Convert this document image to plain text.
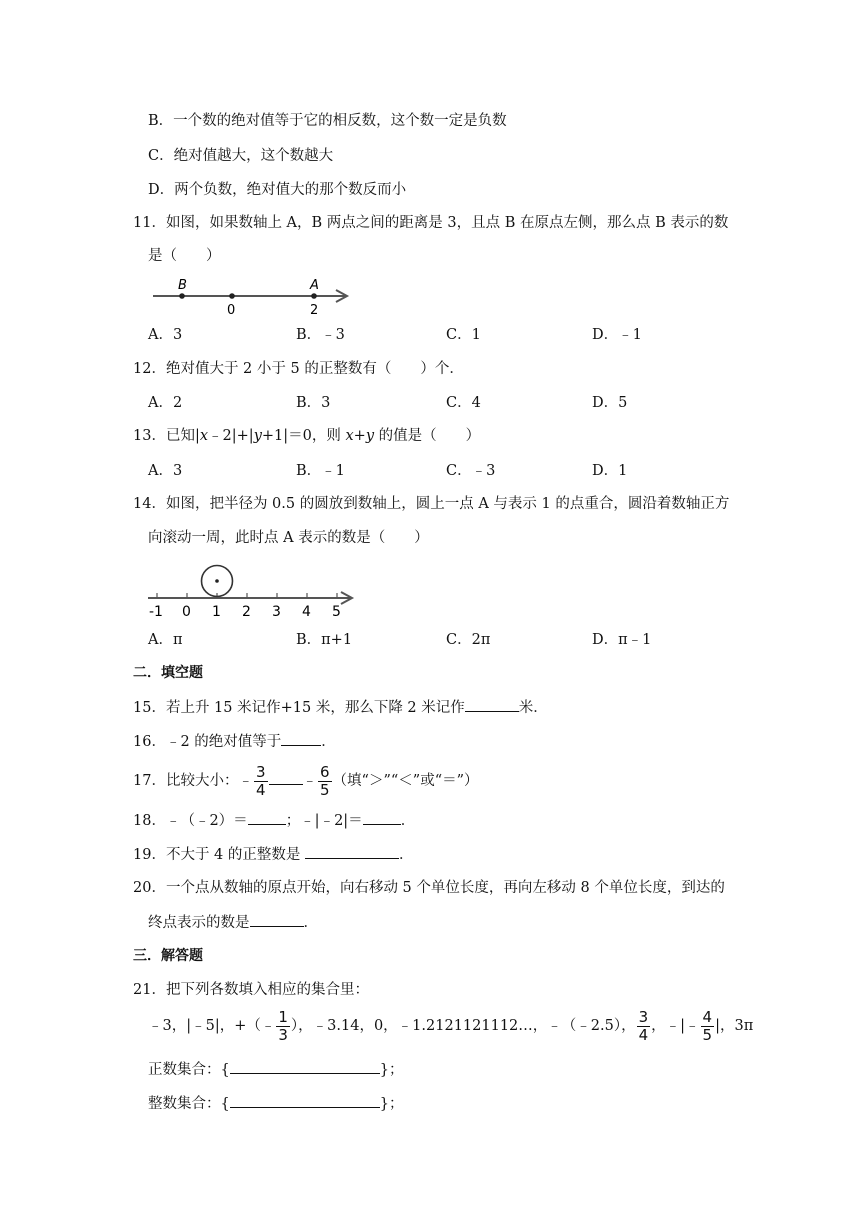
B．一个数的绝对值等于它的相反数，这个数一定是负数
C．绝对值越大，这个数越大
D．两个负数，绝对值大的那个数反而小
11．如图，如果数轴上 A，B 两点之间的距离是 3，且点 B 在原点左侧，那么点 B 表示的数
是（　　）
B	A
0	2
A．3	B．﹣3	C．1	D．﹣1
12．绝对值大于 2 小于 5 的正整数有（　　）个．
A．2	B．3	C．4	D．5
13．已知|x﹣2|+|y+1|＝0，则 x+y 的值是（　　）
A．3	B．﹣1	C．﹣3	D．1
14．如图，把半径为 0.5 的圆放到数轴上，圆上一点 A 与表示 1 的点重合，圆沿着数轴正方
向滚动一周，此时点 A 表示的数是（　　）
-1 0 1 2 3 4 5
A．π	B．π+1	C．2π	D．π﹣1
二．填空题
15．若上升 15 米记作+15 米，那么下降 2 米记作	米．
16．﹣2 的绝对值等于	．
17．比较大小：﹣ $\frac{3}{4}$ ﹣ $\frac{6}{5}$ （填“＞”“＜”或“＝”）
18．﹣（﹣2）＝	；﹣|﹣2|＝	．
19．不大于 4 的正整数是	．
20．一个点从数轴的原点开始，向右移动 5 个单位长度，再向左移动 8 个单位长度，到达的
终点表示的数是	．
三．解答题
21．把下列各数填入相应的集合里：
﹣3，|﹣5|，+（﹣ $\frac{1}{3}$ ），﹣3.14，0，﹣1.2121121112…，﹣（﹣2.5）， $\frac{3}{4}$ ，﹣|﹣ $\frac{4}{5}$ |，3π
正数集合：{	}；
整数集合：{	}；
